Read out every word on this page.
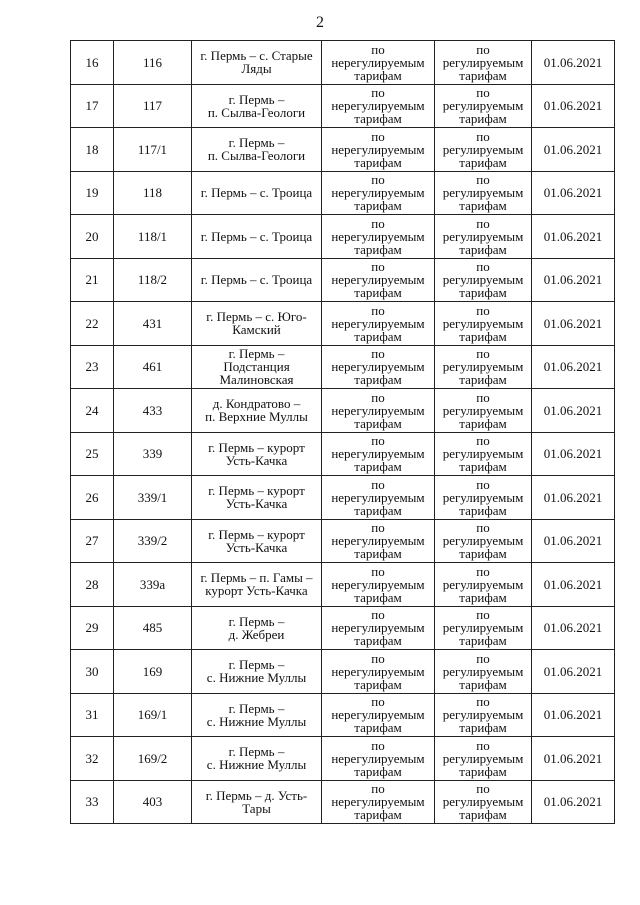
2
16	116	г. Пермь – с. Старые
Ляды	по
нерегулируемым
тарифам	по
регулируемым
тарифам	01.06.2021
17	117	г. Пермь –
п. Сылва-Геологи	по
нерегулируемым
тарифам	по
регулируемым
тарифам	01.06.2021
18	117/1	г. Пермь –
п. Сылва-Геологи	по
нерегулируемым
тарифам	по
регулируемым
тарифам	01.06.2021
19	118	г. Пермь – с. Троица	по
нерегулируемым
тарифам	по
регулируемым
тарифам	01.06.2021
20	118/1	г. Пермь – с. Троица	по
нерегулируемым
тарифам	по
регулируемым
тарифам	01.06.2021
21	118/2	г. Пермь – с. Троица	по
нерегулируемым
тарифам	по
регулируемым
тарифам	01.06.2021
22	431	г. Пермь – с. Юго-
Камский	по
нерегулируемым
тарифам	по
регулируемым
тарифам	01.06.2021
23	461	г. Пермь –
Подстанция
Малиновская	по
нерегулируемым
тарифам	по
регулируемым
тарифам	01.06.2021
24	433	д. Кондратово –
п. Верхние Муллы	по
нерегулируемым
тарифам	по
регулируемым
тарифам	01.06.2021
25	339	г. Пермь – курорт
Усть-Качка	по
нерегулируемым
тарифам	по
регулируемым
тарифам	01.06.2021
26	339/1	г. Пермь – курорт
Усть-Качка	по
нерегулируемым
тарифам	по
регулируемым
тарифам	01.06.2021
27	339/2	г. Пермь – курорт
Усть-Качка	по
нерегулируемым
тарифам	по
регулируемым
тарифам	01.06.2021
28	339а	г. Пермь – п. Гамы –
курорт Усть-Качка	по
нерегулируемым
тарифам	по
регулируемым
тарифам	01.06.2021
29	485	г. Пермь –
д. Жебреи	по
нерегулируемым
тарифам	по
регулируемым
тарифам	01.06.2021
30	169	г. Пермь –
с. Нижние Муллы	по
нерегулируемым
тарифам	по
регулируемым
тарифам	01.06.2021
31	169/1	г. Пермь –
с. Нижние Муллы	по
нерегулируемым
тарифам	по
регулируемым
тарифам	01.06.2021
32	169/2	г. Пермь –
с. Нижние Муллы	по
нерегулируемым
тарифам	по
регулируемым
тарифам	01.06.2021
33	403	г. Пермь – д. Усть-
Тары	по
нерегулируемым
тарифам	по
регулируемым
тарифам	01.06.2021
